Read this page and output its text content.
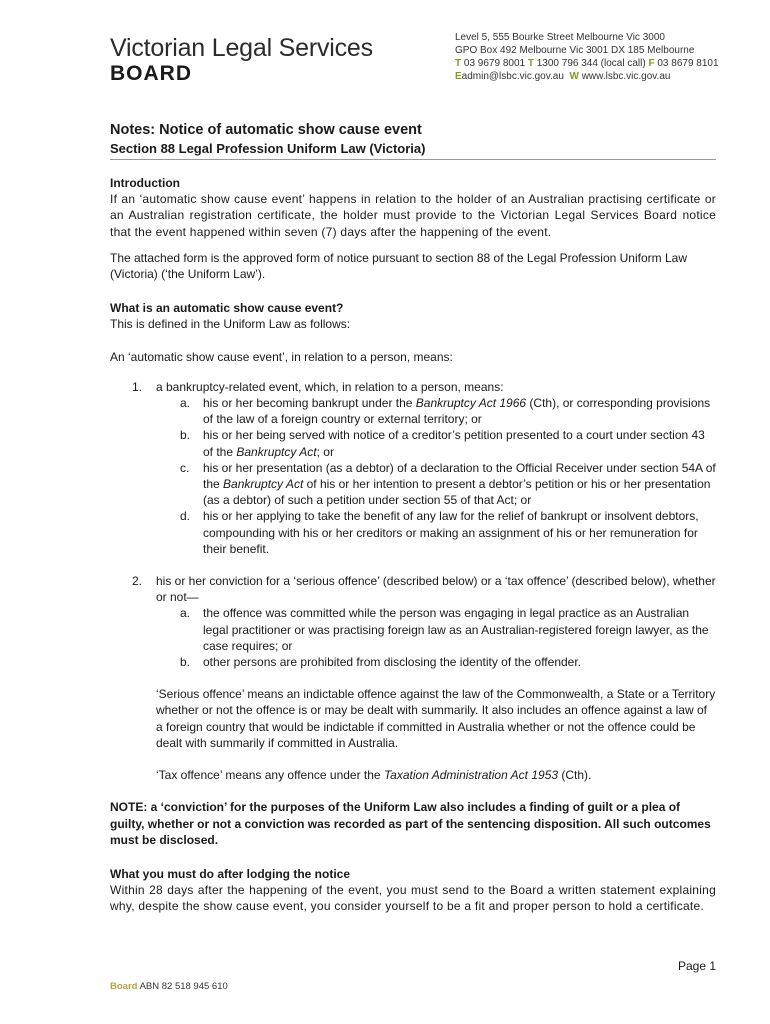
Victorian Legal Services
BOARD
Level 5, 555 Bourke Street Melbourne Vic 3000
GPO Box 492 Melbourne Vic 3001 DX 185 Melbourne
T 03 9679 8001 T 1300 796 344 (local call) F 03 8679 8101
Eadmin@lsbc.vic.gov.au W www.lsbc.vic.gov.au
Notes: Notice of automatic show cause event
Section 88 Legal Profession Uniform Law (Victoria)

Introduction

If an ‘automatic show cause event’ happens in relation to the holder of an Australian practising certificate or an Australian registration certificate, the holder must provide to the Victorian Legal Services Board notice that the event happened within seven (7) days after the happening of the event.

The attached form is the approved form of notice pursuant to section 88 of the Legal Profession Uniform Law (Victoria) (‘the Uniform Law’).

What is an automatic show cause event?

This is defined in the Uniform Law as follows:

An ‘automatic show cause event’, in relation to a person, means:

1. a bankruptcy-related event, which, in relation to a person, means:
a. his or her becoming bankrupt under the Bankruptcy Act 1966 (Cth), or corresponding provisions of the law of a foreign country or external territory; or
b. his or her being served with notice of a creditor’s petition presented to a court under section 43 of the Bankruptcy Act; or
c. his or her presentation (as a debtor) of a declaration to the Official Receiver under section 54A of the Bankruptcy Act of his or her intention to present a debtor’s petition or his or her presentation (as a debtor) of such a petition under section 55 of that Act; or
d. his or her applying to take the benefit of any law for the relief of bankrupt or insolvent debtors, compounding with his or her creditors or making an assignment of his or her remuneration for their benefit.
2. his or her conviction for a ‘serious offence’ (described below) or a ‘tax offence’ (described below), whether or not—
a. the offence was committed while the person was engaging in legal practice as an Australian legal practitioner or was practising foreign law as an Australian-registered foreign lawyer, as the case requires; or
b. other persons are prohibited from disclosing the identity of the offender.

‘Serious offence’ means an indictable offence against the law of the Commonwealth, a State or a Territory whether or not the offence is or may be dealt with summarily. It also includes an offence against a law of a foreign country that would be indictable if committed in Australia whether or not the offence could be dealt with summarily if committed in Australia.

‘Tax offence’ means any offence under the Taxation Administration Act 1953 (Cth).

NOTE: a ‘conviction’ for the purposes of the Uniform Law also includes a finding of guilt or a plea of guilty, whether or not a conviction was recorded as part of the sentencing disposition. All such outcomes must be disclosed.

What you must do after lodging the notice

Within 28 days after the happening of the event, you must send to the Board a written statement explaining why, despite the show cause event, you consider yourself to be a fit and proper person to hold a certificate.

Page 1
Board ABN 82 518 945 610
